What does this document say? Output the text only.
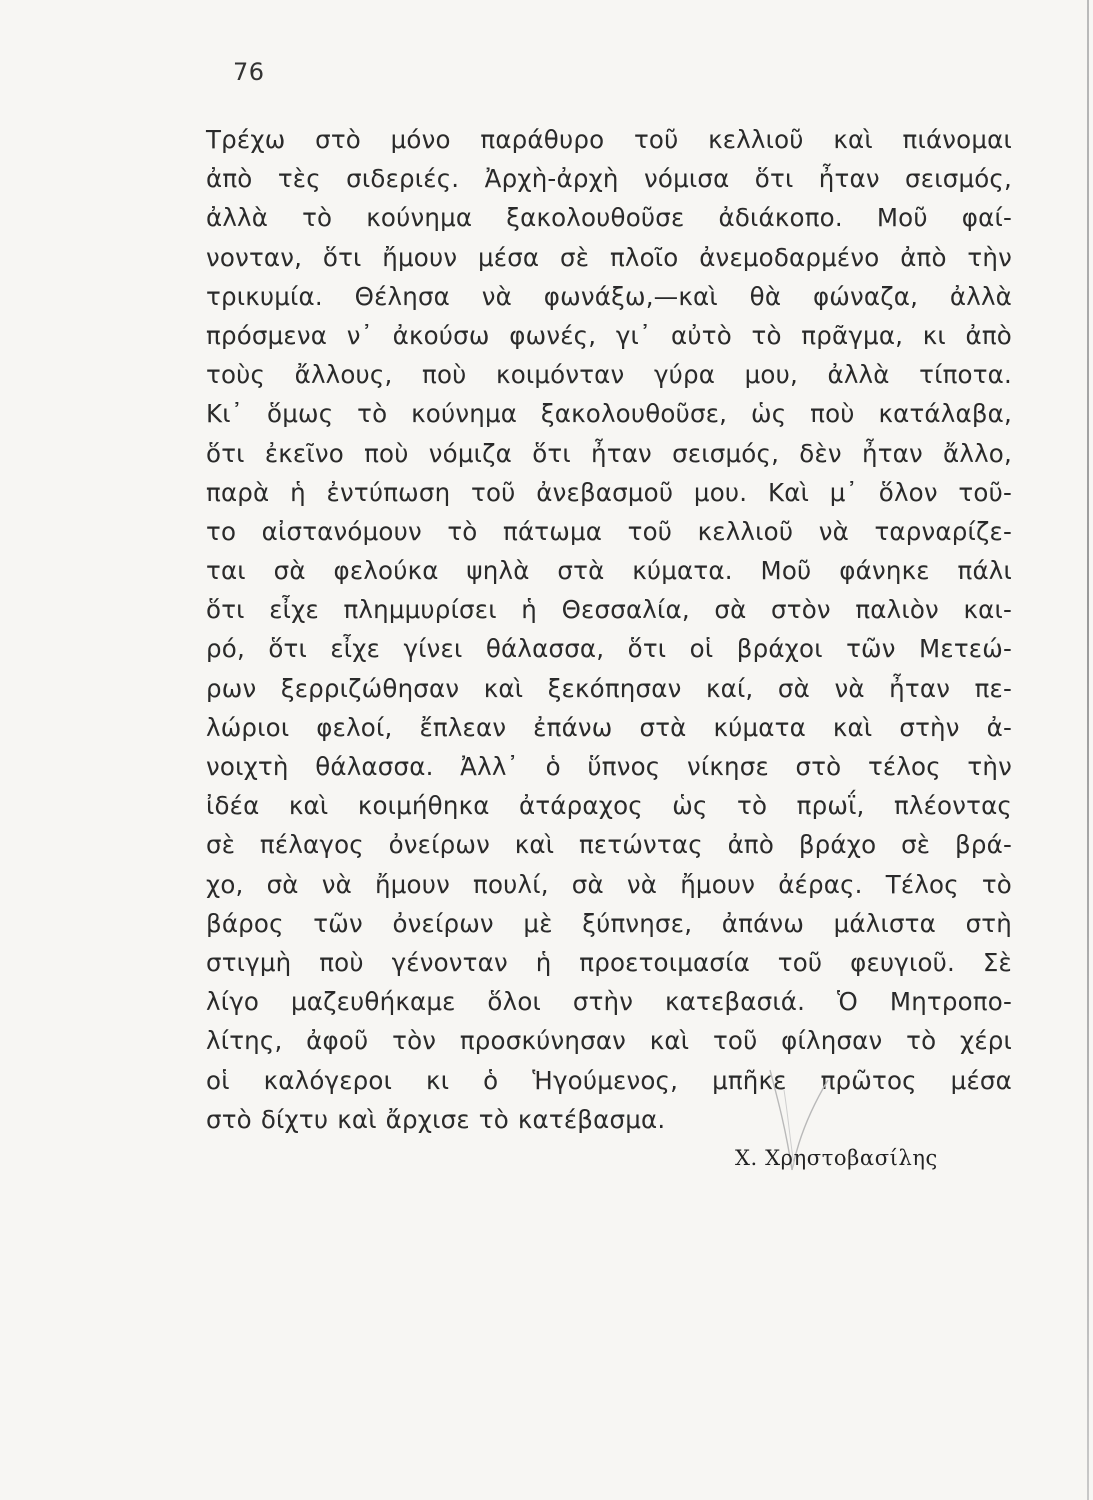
76
Τρέχω στὸ μόνο παράθυρο τοῦ κελλιοῦ καὶ πιάνομαι
ἀπὸ τὲς σιδεριές. Ἀρχὴ-ἀρχὴ νόμισα ὅτι ἦταν σεισμός,
ἀλλὰ τὸ κούνημα ξακολουθοῦσε ἀδιάκοπο. Μοῦ φαί-
νονταν, ὅτι ἤμουν μέσα σὲ πλοῖο ἀνεμοδαρμένο ἀπὸ τὴν
τρικυμία. Θέλησα νὰ φωνάξω,—καὶ θὰ φώναζα, ἀλλὰ
πρόσμενα ν᾿ ἀκούσω φωνές, γι᾿ αὐτὸ τὸ πρᾶγμα, κι ἀπὸ
τοὺς ἄλλους, ποὺ κοιμόνταν γύρα μου, ἀλλὰ τίποτα.
Κι᾿ ὅμως τὸ κούνημα ξακολουθοῦσε, ὡς ποὺ κατάλαβα,
ὅτι ἐκεῖνο ποὺ νόμιζα ὅτι ἦταν σεισμός, δὲν ἦταν ἄλλο,
παρὰ ἡ ἐντύπωση τοῦ ἀνεβασμοῦ μου. Καὶ μ᾿ ὅλον τοῦ-
το αἰστανόμουν τὸ πάτωμα τοῦ κελλιοῦ νὰ ταρναρίζε-
ται σὰ φελούκα ψηλὰ στὰ κύματα. Μοῦ φάνηκε πάλι
ὅτι εἶχε πλημμυρίσει ἡ Θεσσαλία, σὰ στὸν παλιὸν και-
ρό, ὅτι εἶχε γίνει θάλασσα, ὅτι οἱ βράχοι τῶν Μετεώ-
ρων ξερριζώθησαν καὶ ξεκόπησαν καί, σὰ νὰ ἦταν πε-
λώριοι φελοί, ἔπλεαν ἐπάνω στὰ κύματα καὶ στὴν ἀ-
νοιχτὴ θάλασσα. Ἀλλ᾿ ὁ ὕπνος νίκησε στὸ τέλος τὴν
ἰδέα καὶ κοιμήθηκα ἀτάραχος ὡς τὸ πρωΐ, πλέοντας
σὲ πέλαγος ὀνείρων καὶ πετώντας ἀπὸ βράχο σὲ βρά-
χο, σὰ νὰ ἤμουν πουλί, σὰ νὰ ἤμουν ἀέρας. Τέλος τὸ
βάρος τῶν ὀνείρων μὲ ξύπνησε, ἀπάνω μάλιστα στὴ
στιγμὴ ποὺ γένονταν ἡ προετοιμασία τοῦ φευγιοῦ. Σὲ
λίγο μαζευθήκαμε ὅλοι στὴν κατεβασιά. Ὁ Μητροπο-
λίτης, ἀφοῦ τὸν προσκύνησαν καὶ τοῦ φίλησαν τὸ χέρι
οἱ καλόγεροι κι ὁ Ἡγούμενος, μπῆκε πρῶτος μέσα
στὸ δίχτυ καὶ ἄρχισε τὸ κατέβασμα.
Χ. Χρηστοβασίλης
